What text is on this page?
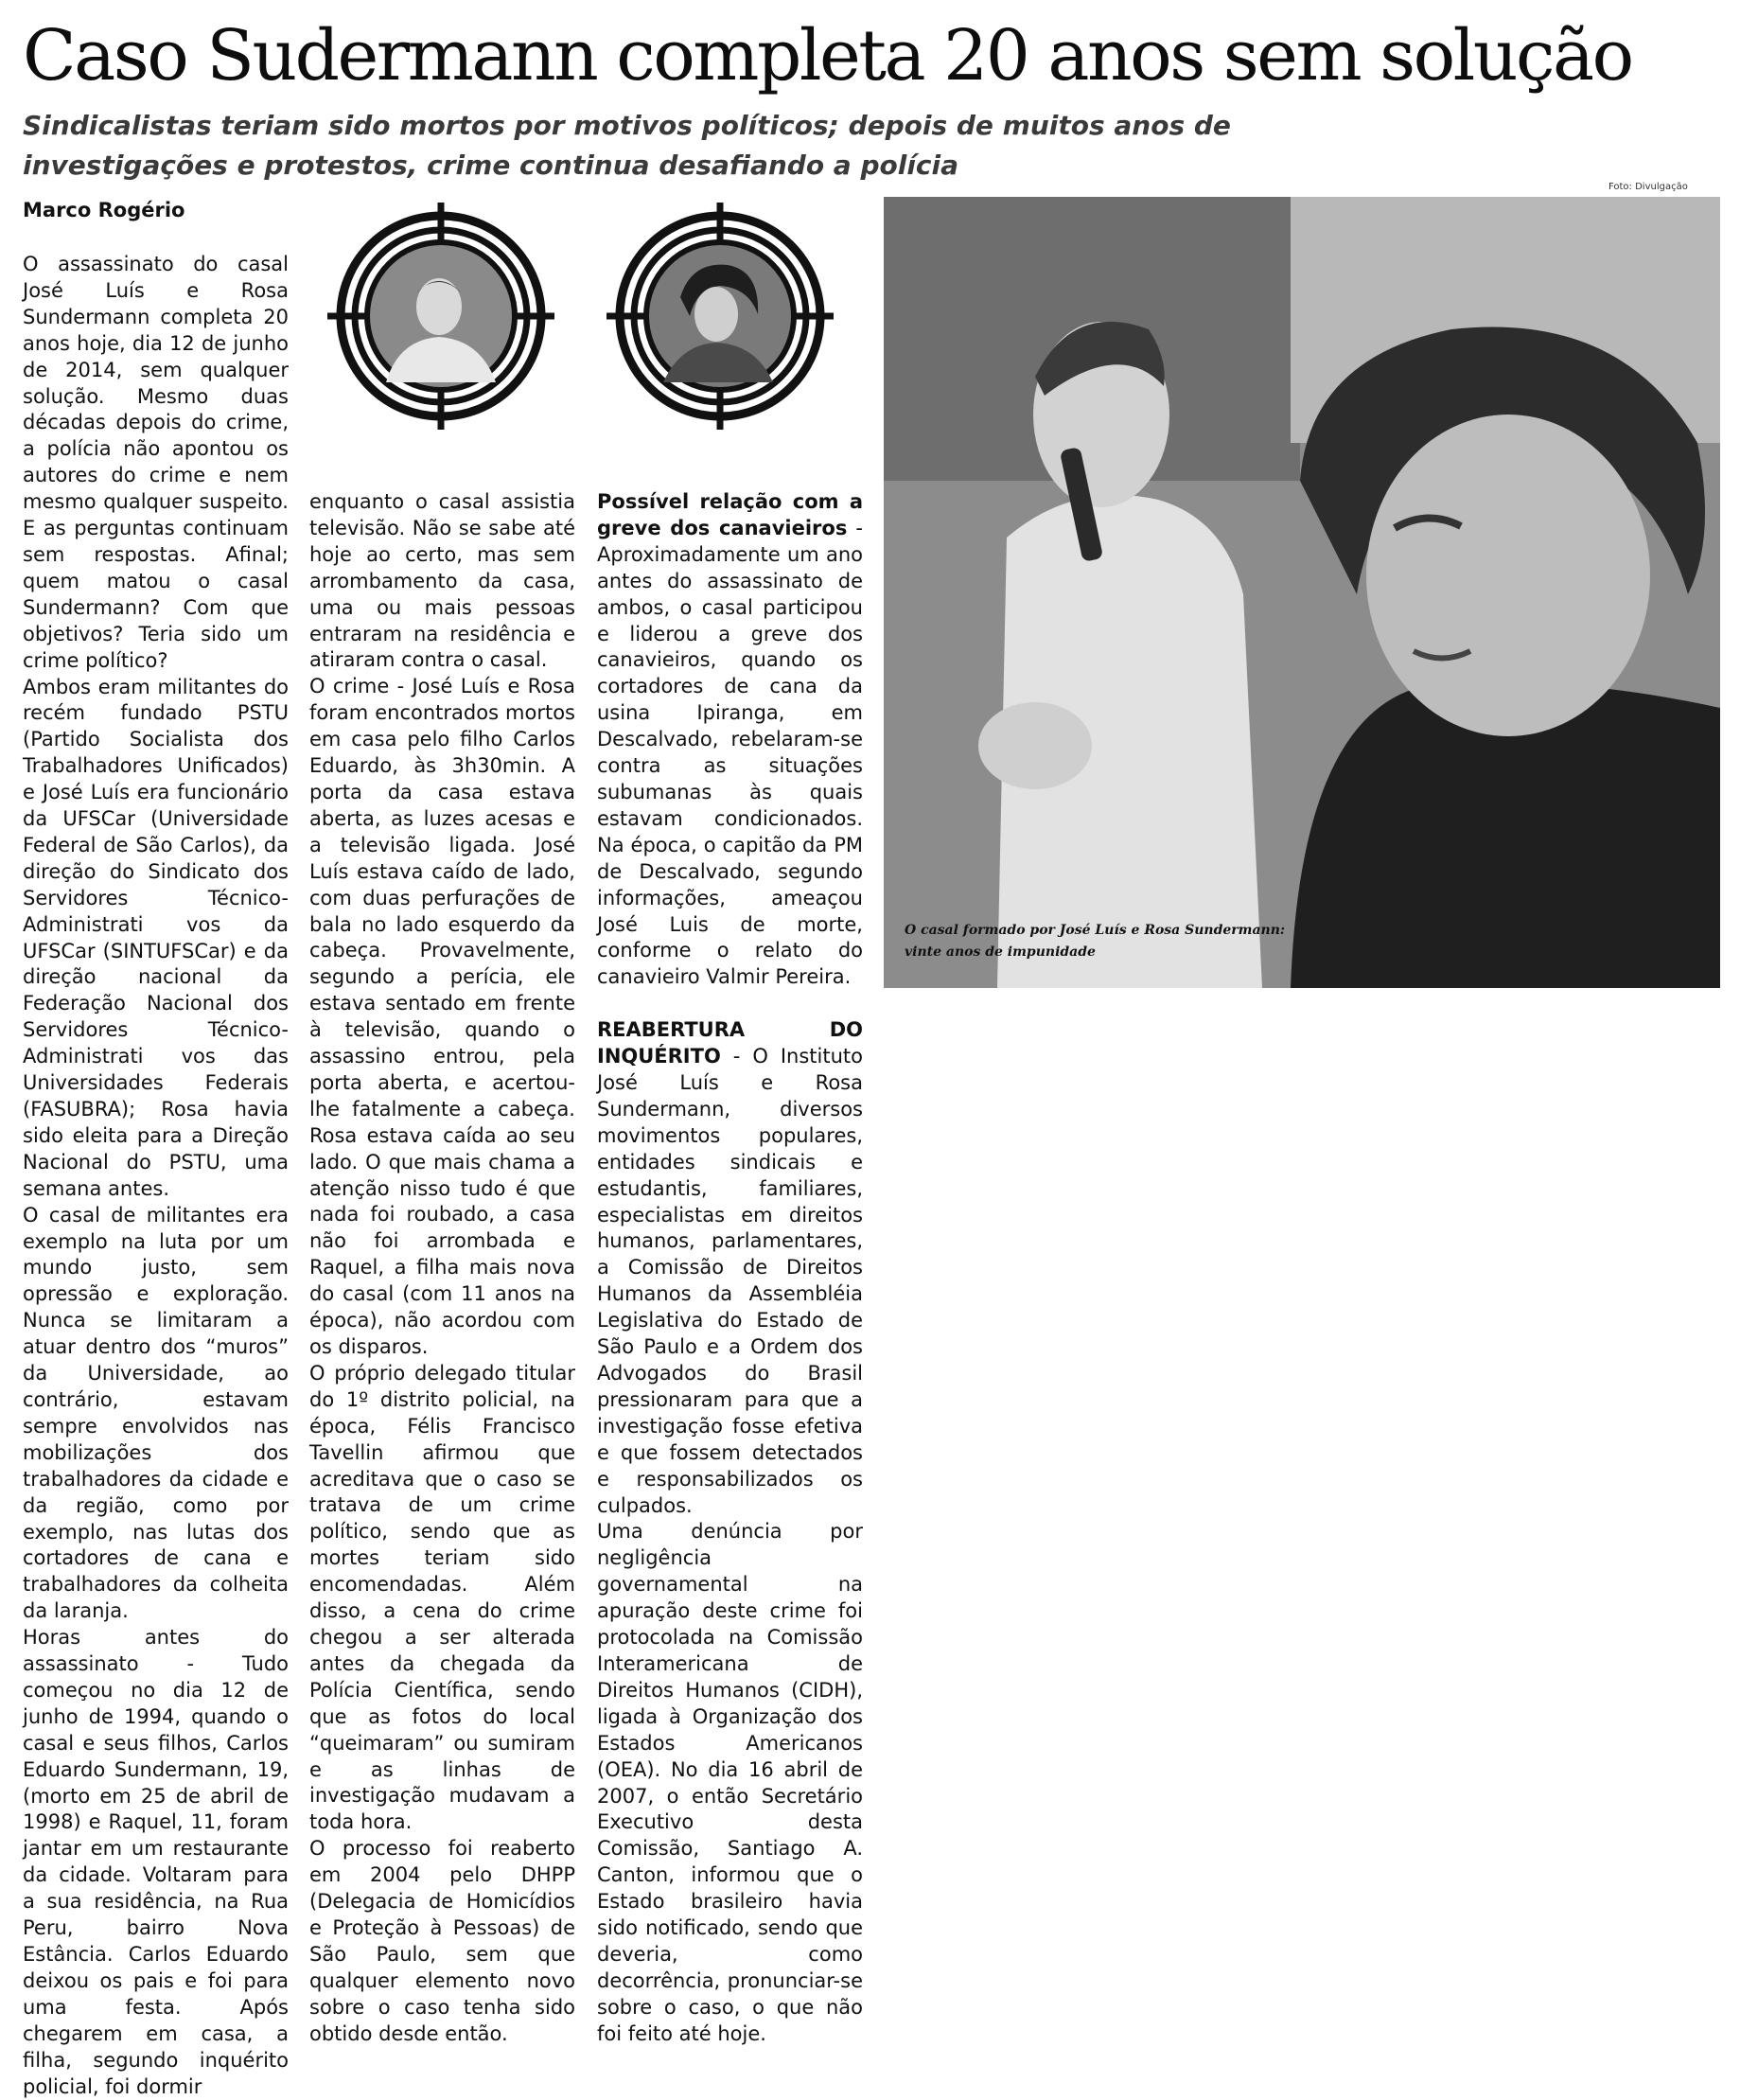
Caso Sudermann completa 20 anos sem solução
Sindicalistas teriam sido mortos por motivos políticos; depois de muitos anos de investigações e protestos, crime continua desafiando a polícia

Marco Rogério

O assassinato do casal José Luís e Rosa Sundermann completa 20 anos hoje, dia 12 de junho de 2014, sem qualquer solução. Mesmo duas décadas depois do crime, a polícia não apontou os autores do crime e nem mesmo qualquer suspeito. E as perguntas continuam sem respostas. Afinal; quem matou o casal Sundermann? Com que objetivos? Teria sido um crime político?

Ambos eram militantes do recém fundado PSTU (Partido Socialista dos Trabalhadores Unificados) e José Luís era funcionário da UFSCar (Universidade Federal de São Carlos), da direção do Sindicato dos Servidores Técnico-Administrati vos da UFSCar (SINTUFSCar) e da direção nacional da Federação Nacional dos Servidores Técnico-Administrati vos das Universidades Federais (FASUBRA); Rosa havia sido eleita para a Direção Nacional do PSTU, uma semana antes.

O casal de militantes era exemplo na luta por um mundo justo, sem opressão e exploração. Nunca se limitaram a atuar dentro dos “muros” da Universidade, ao contrário, estavam sempre envolvidos nas mobilizações dos trabalhadores da cidade e da região, como por exemplo, nas lutas dos cortadores de cana e trabalhadores da colheita da laranja.

Horas antes do assassinato - Tudo começou no dia 12 de junho de 1994, quando o casal e seus filhos, Carlos Eduardo Sundermann, 19, (morto em 25 de abril de 1998) e Raquel, 11, foram jantar em um restaurante da cidade. Voltaram para a sua residência, na Rua Peru, bairro Nova Estância. Carlos Eduardo deixou os pais e foi para uma festa. Após chegarem em casa, a filha, segundo inquérito policial, foi dormir

enquanto o casal assistia televisão. Não se sabe até hoje ao certo, mas sem arrombamento da casa, uma ou mais pessoas entraram na residência e atiraram contra o casal.

O crime - José Luís e Rosa foram encontrados mortos em casa pelo filho Carlos Eduardo, às 3h30min. A porta da casa estava aberta, as luzes acesas e a televisão ligada. José Luís estava caído de lado, com duas perfurações de bala no lado esquerdo da cabeça. Provavelmente, segundo a perícia, ele estava sentado em frente à televisão, quando o assassino entrou, pela porta aberta, e acertou-lhe fatalmente a cabeça. Rosa estava caída ao seu lado. O que mais chama a atenção nisso tudo é que nada foi roubado, a casa não foi arrombada e Raquel, a filha mais nova do casal (com 11 anos na época), não acordou com os disparos.

O próprio delegado titular do 1º distrito policial, na época, Félis Francisco Tavellin afirmou que acreditava que o caso se tratava de um crime político, sendo que as mortes teriam sido encomendadas. Além disso, a cena do crime chegou a ser alterada antes da chegada da Polícia Científica, sendo que as fotos do local “queimaram” ou sumiram e as linhas de investigação mudavam a toda hora.

O processo foi reaberto em 2004 pelo DHPP (Delegacia de Homicídios e Proteção à Pessoas) de São Paulo, sem que qualquer elemento novo sobre o caso tenha sido obtido desde então.

Possível relação com a greve dos canavieiros - Aproximadamente um ano antes do assassinato de ambos, o casal participou e liderou a greve dos canavieiros, quando os cortadores de cana da usina Ipiranga, em Descalvado, rebelaram-se contra as situações subumanas às quais estavam condicionados. Na época, o capitão da PM de Descalvado, segundo informações, ameaçou José Luis de morte, conforme o relato do canavieiro Valmir Pereira.

REABERTURA DO INQUÉRITO - O Instituto José Luís e Rosa Sundermann, diversos movimentos populares, entidades sindicais e estudantis, familiares, especialistas em direitos humanos, parlamentares, a Comissão de Direitos Humanos da Assembléia Legislativa do Estado de São Paulo e a Ordem dos Advogados do Brasil pressionaram para que a investigação fosse efetiva e que fossem detectados e responsabilizados os culpados.

Uma denúncia por negligência governamental na apuração deste crime foi protocolada na Comissão Interamericana de Direitos Humanos (CIDH), ligada à Organização dos Estados Americanos (OEA). No dia 16 abril de 2007, o então Secretário Executivo desta Comissão, Santiago A. Canton, informou que o Estado brasileiro havia sido notificado, sendo que deveria, como decorrência, pronunciar-se sobre o caso, o que não foi feito até hoje.

Foto: Divulgação
O casal formado por José Luís e Rosa Sundermann: vinte anos de impunidade
